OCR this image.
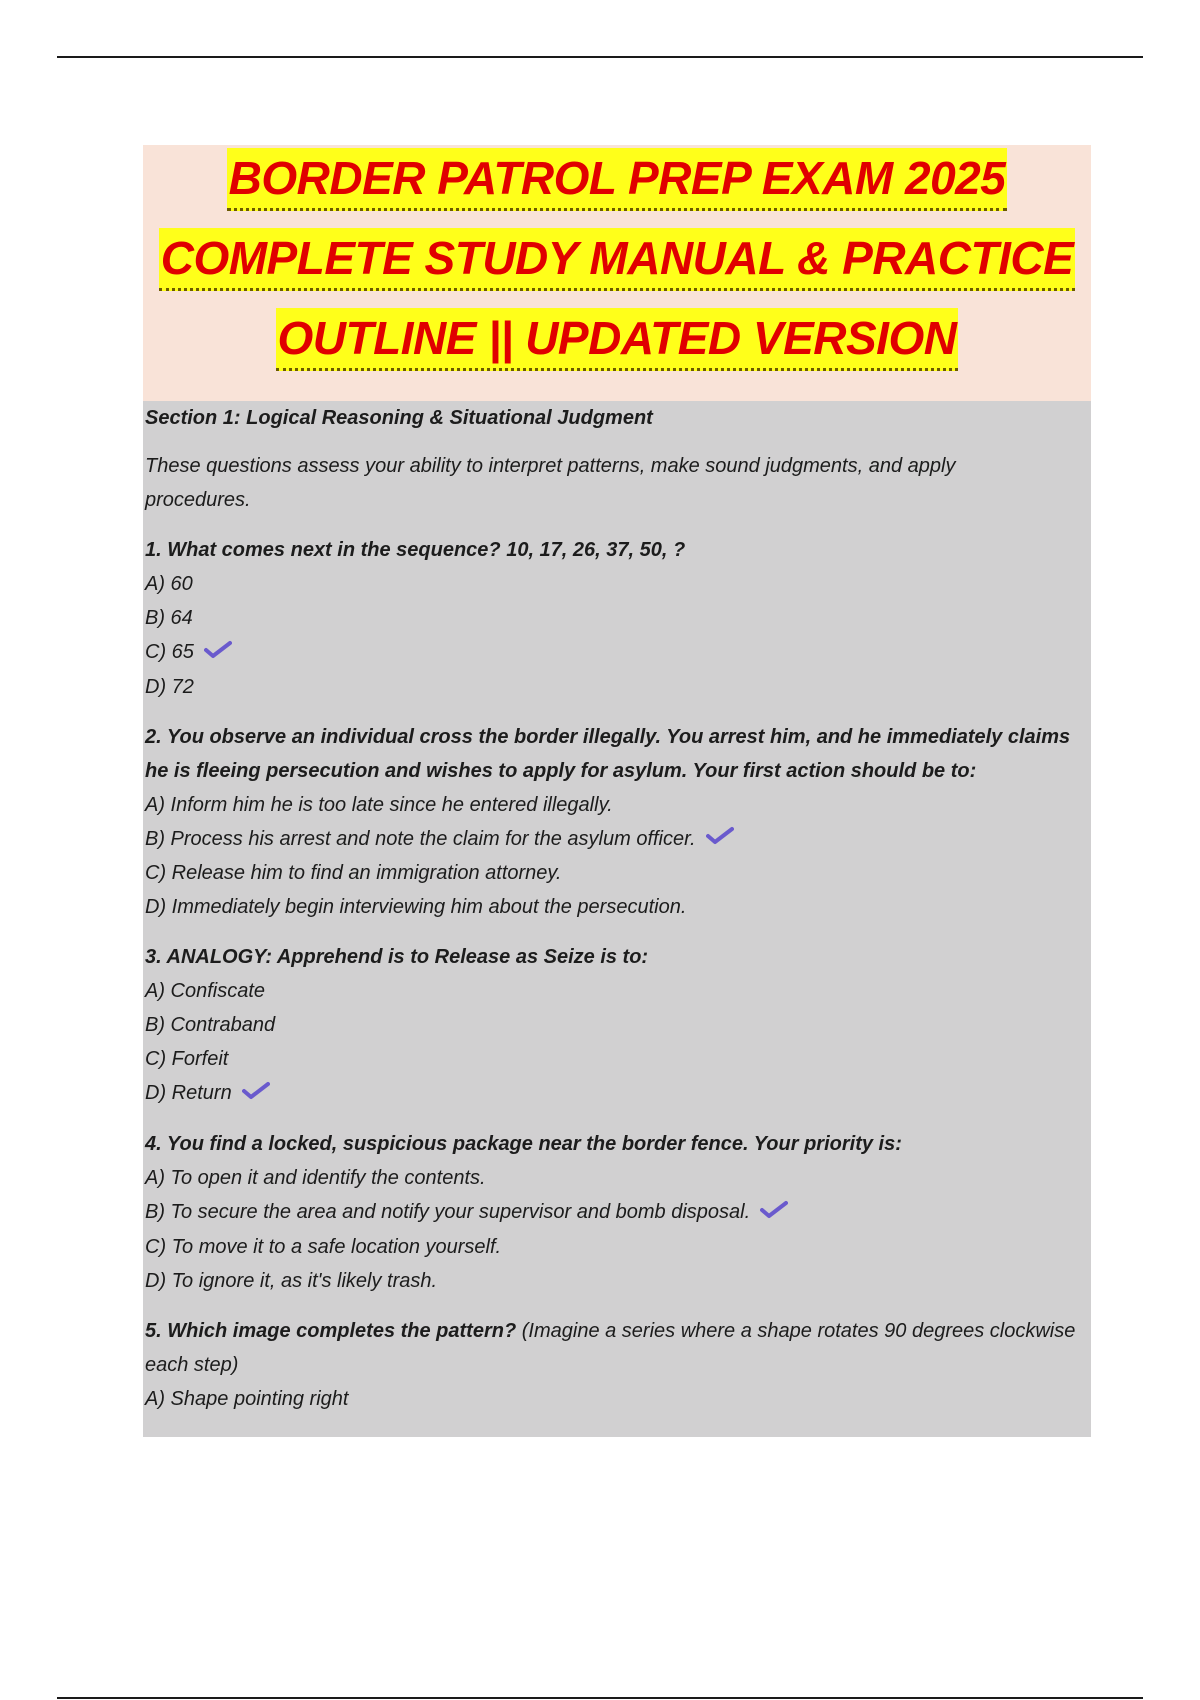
BORDER PATROL PREP EXAM 2025
COMPLETE STUDY MANUAL & PRACTICE
OUTLINE || UPDATED VERSION
Section 1: Logical Reasoning & Situational Judgment
These questions assess your ability to interpret patterns, make sound judgments, and apply procedures.
1. What comes next in the sequence? 10, 17, 26, 37, 50, ?
A) 60
B) 64
C) 65
D) 72
2. You observe an individual cross the border illegally. You arrest him, and he immediately claims he is fleeing persecution and wishes to apply for asylum. Your first action should be to:
A) Inform him he is too late since he entered illegally.
B) Process his arrest and note the claim for the asylum officer.
C) Release him to find an immigration attorney.
D) Immediately begin interviewing him about the persecution.
3. ANALOGY: Apprehend is to Release as Seize is to:
A) Confiscate
B) Contraband
C) Forfeit
D) Return
4. You find a locked, suspicious package near the border fence. Your priority is:
A) To open it and identify the contents.
B) To secure the area and notify your supervisor and bomb disposal.
C) To move it to a safe location yourself.
D) To ignore it, as it's likely trash.
5. Which image completes the pattern? (Imagine a series where a shape rotates 90 degrees clockwise each step)
A) Shape pointing right
